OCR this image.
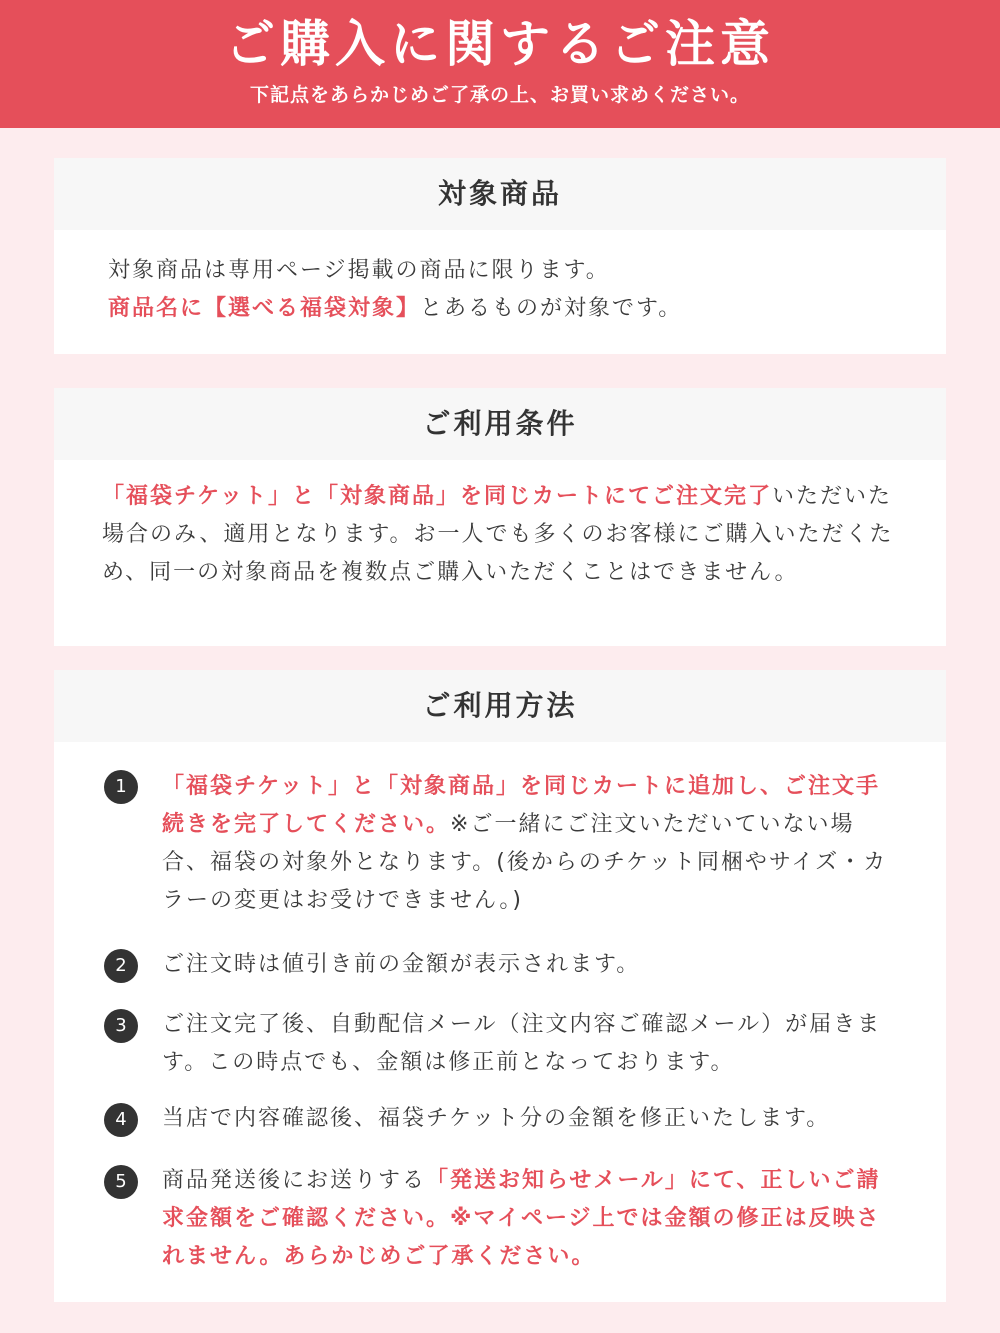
ご購入に関するご注意
下記点をあらかじめご了承の上、お買い求めください。
対象商品
対象商品は専用ページ掲載の商品に限ります。
商品名に【選べる福袋対象】とあるものが対象です。
ご利用条件
「福袋チケット」と「対象商品」を同じカートにてご注文完了いただいた場合のみ、適用となります。お一人でも多くのお客様にご購入いただくため、同一の対象商品を複数点ご購入いただくことはできません。
ご利用方法
1	「福袋チケット」と「対象商品」を同じカートに追加し、ご注文手続きを完了してください。※ご一緒にご注文いただいていない場合、福袋の対象外となります。(後からのチケット同梱やサイズ・カラーの変更はお受けできません。)
2	ご注文時は値引き前の金額が表示されます。
3	ご注文完了後、自動配信メール（注文内容ご確認メール）が届きます。この時点でも、金額は修正前となっております。
4	当店で内容確認後、福袋チケット分の金額を修正いたします。
5	商品発送後にお送りする「発送お知らせメール」にて、正しいご請求金額をご確認ください。※マイページ上では金額の修正は反映されません。あらかじめご了承ください。
